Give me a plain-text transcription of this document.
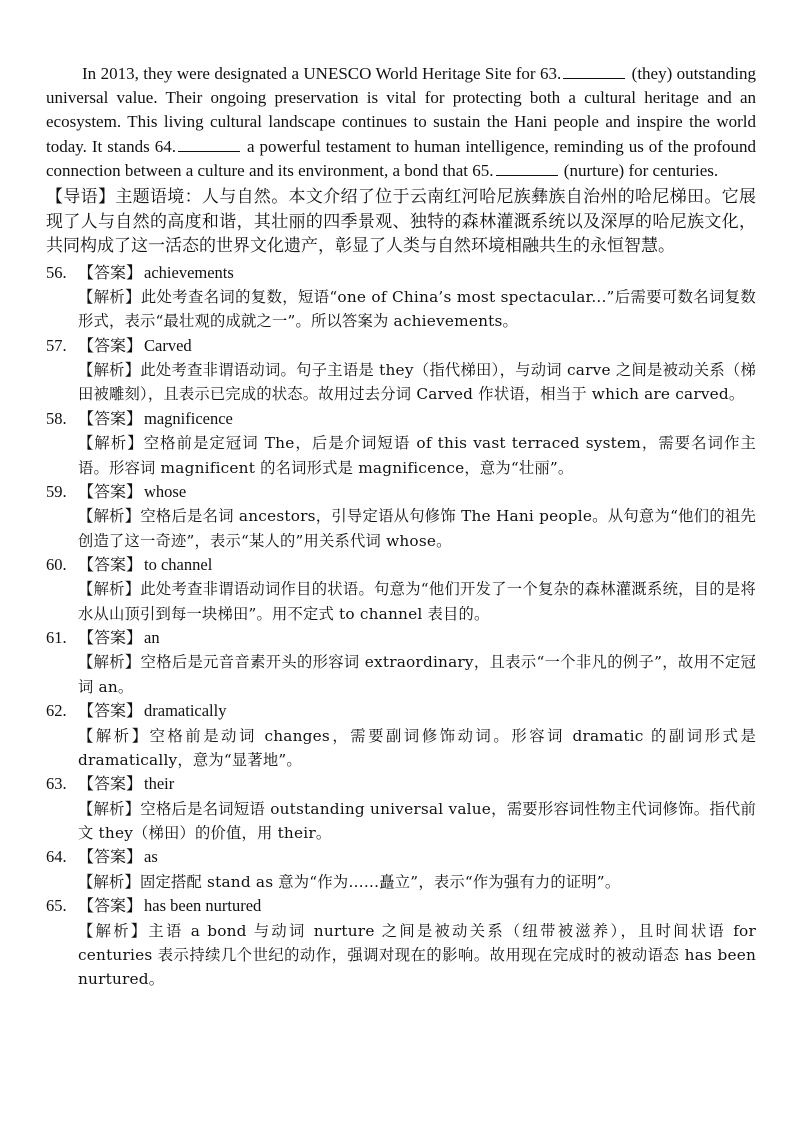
In 2013, they were designated a UNESCO World Heritage Site for 63.	(they) outstanding universal value. Their ongoing preservation is vital for protecting both a cultural heritage and an ecosystem. This living cultural landscape continues to sustain the Hani people and inspire the world today. It stands 64.	a powerful testament to human intelligence, reminding us of the profound connection between a culture and its environment, a bond that 65.	(nurture) for centuries.

【导语】主题语境：人与自然。本文介绍了位于云南红河哈尼族彝族自治州的哈尼梯田。它展现了人与自然的高度和谐，其壮丽的四季景观、独特的森林灌溉系统以及深厚的哈尼族文化，共同构成了这一活态的世界文化遗产，彰显了人类与自然环境相融共生的永恒智慧。

56. 【答案】 achievements
【解析】此处考查名词的复数，短语“one of China’s most spectacular...”后需要可数名词复数形式，表示“最壮观的成就之一”。所以答案为 achievements。
57. 【答案】 Carved
【解析】此处考查非谓语动词。句子主语是 they（指代梯田），与动词 carve 之间是被动关系（梯田被雕刻），且表示已完成的状态。故用过去分词 Carved 作状语，相当于 which are carved。
58. 【答案】 magnificence
【解析】空格前是定冠词 The，后是介词短语 of this vast terraced system，需要名词作主语。形容词 magnificent 的名词形式是 magnificence，意为“壮丽”。
59. 【答案】 whose
【解析】空格后是名词 ancestors，引导定语从句修饰 The Hani people。从句意为“他们的祖先创造了这一奇迹”，表示“某人的”用关系代词 whose。
60. 【答案】 to channel
【解析】此处考查非谓语动词作目的状语。句意为“他们开发了一个复杂的森林灌溉系统，目的是将水从山顶引到每一块梯田”。用不定式 to channel 表目的。
61. 【答案】 an
【解析】空格后是元音音素开头的形容词 extraordinary，且表示“一个非凡的例子”，故用不定冠词 an。
62. 【答案】 dramatically
【解析】空格前是动词 changes，需要副词修饰动词。形容词 dramatic 的副词形式是 dramatically，意为“显著地”。
63. 【答案】 their
【解析】空格后是名词短语 outstanding universal value，需要形容词性物主代词修饰。指代前文 they（梯田）的价值，用 their。
64. 【答案】 as
【解析】固定搭配 stand as 意为“作为……矗立”，表示“作为强有力的证明”。
65. 【答案】 has been nurtured
【解析】主语 a bond 与动词 nurture 之间是被动关系（纽带被滋养），且时间状语 for centuries 表示持续几个世纪的动作，强调对现在的影响。故用现在完成时的被动语态 has been nurtured。
